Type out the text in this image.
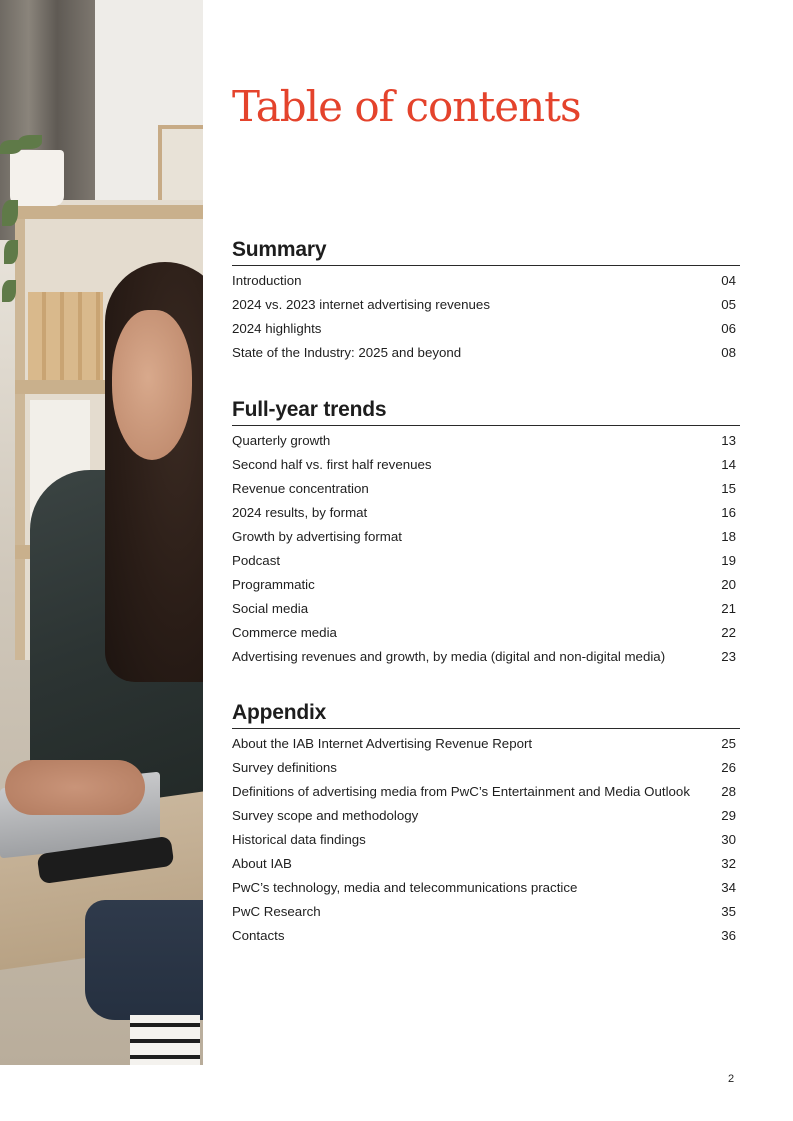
Table of contents
Summary
Introduction	04
2024 vs. 2023 internet advertising revenues	05
2024 highlights	06
State of the Industry: 2025 and beyond	08
Full-year trends
Quarterly growth	13
Second half vs. first half revenues	14
Revenue concentration	15
2024 results, by format	16
Growth by advertising format	18
Podcast	19
Programmatic	20
Social media	21
Commerce media	22
Advertising revenues and growth, by media (digital and non-digital media)	23
Appendix
About the IAB Internet Advertising Revenue Report	25
Survey definitions	26
Definitions of advertising media from PwC’s Entertainment and Media Outlook	28
Survey scope and methodology	29
Historical data findings	30
About IAB	32
PwC’s technology, media and telecommunications practice	34
PwC Research	35
Contacts	36
2
